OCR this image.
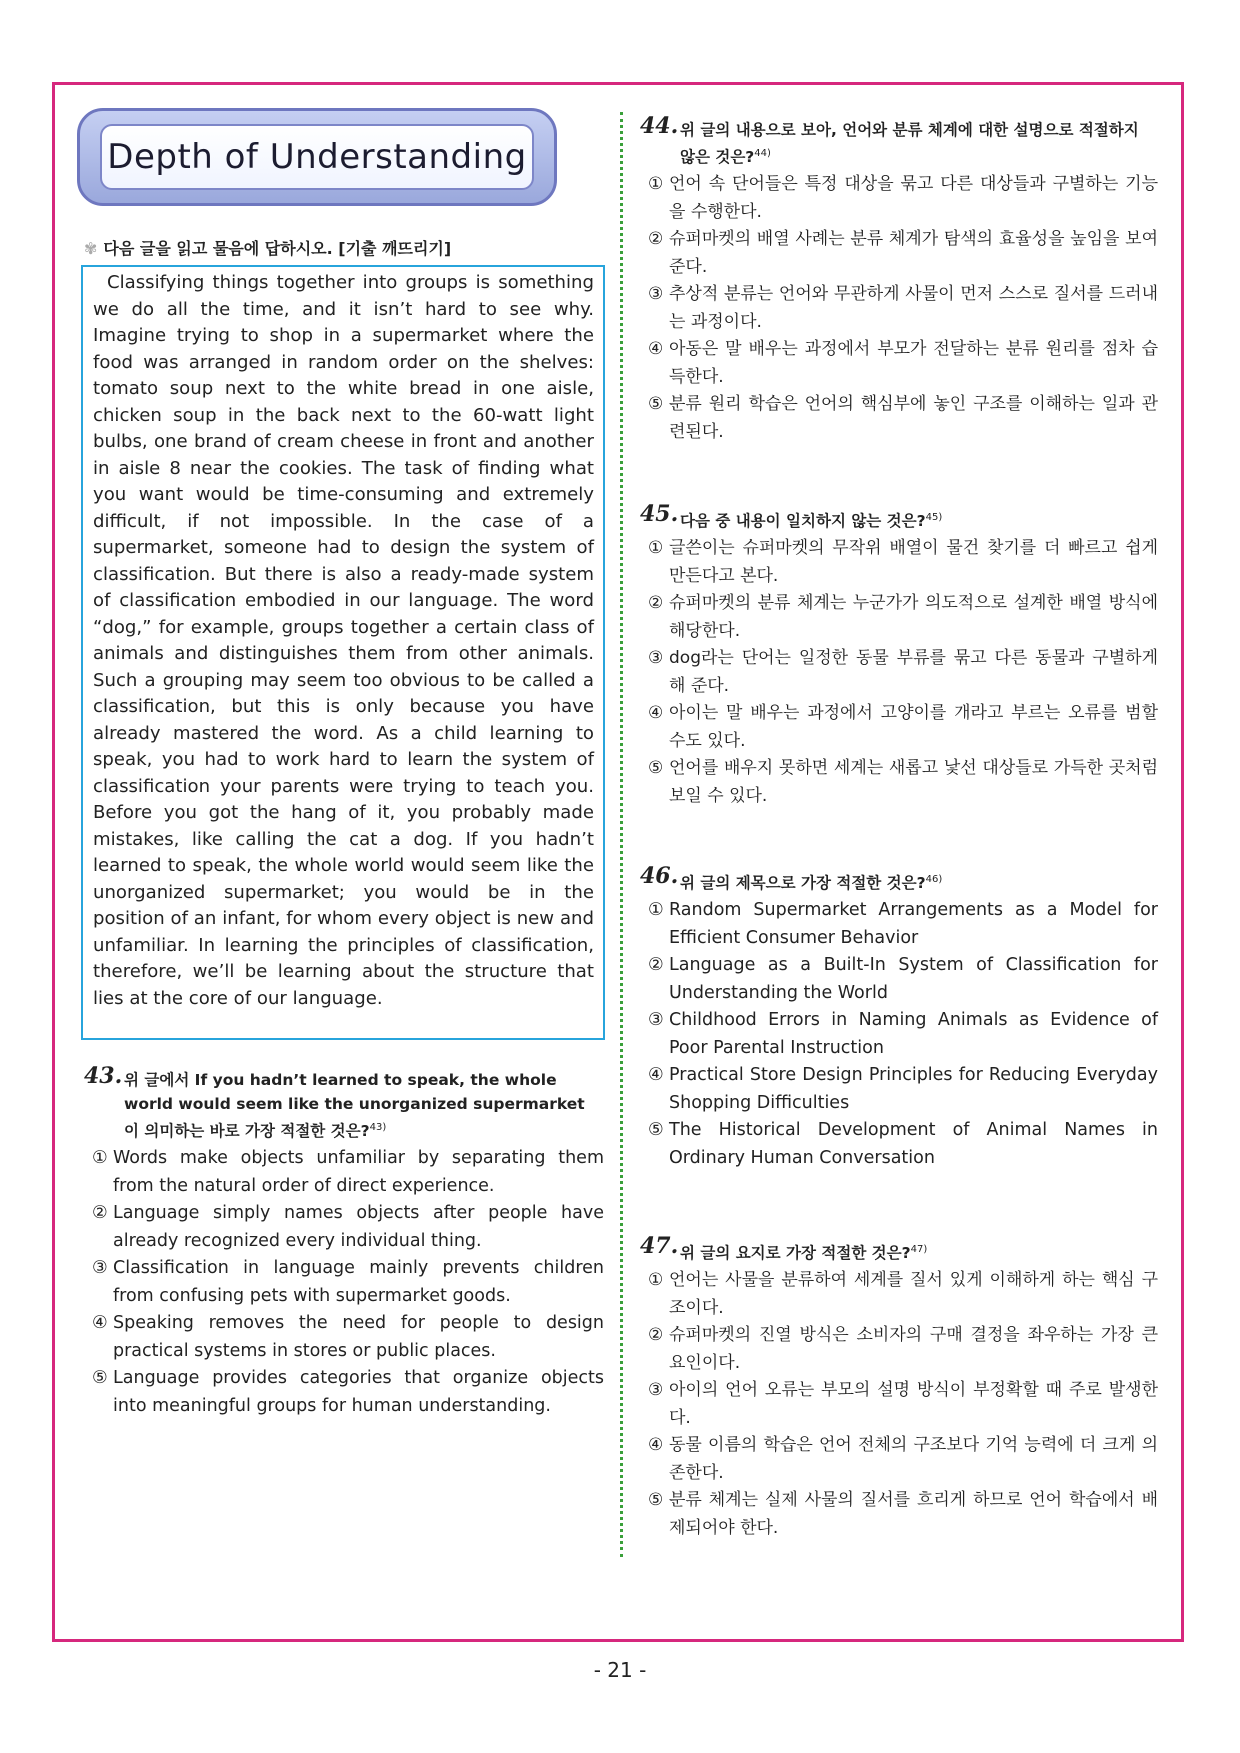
Depth of Understanding
✾ 다음 글을 읽고 물음에 답하시오. [기출 깨뜨리기]
Classifying things together into groups is something we do all the time, and it isn’t hard to see why. Imagine trying to shop in a supermarket where the food was arranged in random order on the shelves: tomato soup next to the white bread in one aisle, chicken soup in the back next to the 60-watt light bulbs, one brand of cream cheese in front and another in aisle 8 near the cookies. The task of finding what you want would be time-consuming and extremely difficult, if not impossible. In the case of a supermarket, someone had to design the system of classification. But there is also a ready-made system of classification embodied in our language. The word “dog,” for example, groups together a certain class of animals and distinguishes them from other animals. Such a grouping may seem too obvious to be called a classification, but this is only because you have already mastered the word. As a child learning to speak, you had to work hard to learn the system of classification your parents were trying to teach you. Before you got the hang of it, you probably made mistakes, like calling the cat a dog. If you hadn’t learned to speak, the whole world would seem like the unorganized supermarket; you would be in the position of an infant, for whom every object is new and unfamiliar. In learning the principles of classification, therefore, we’ll be learning about the structure that lies at the core of our language.
43. 위 글에서 If you hadn’t learned to speak, the whole world would seem like the unorganized supermarket 이 의미하는 바로 가장 적절한 것은?$^{43)}$
① Words make objects unfamiliar by separating them from the natural order of direct experience.
② Language simply names objects after people have already recognized every individual thing.
③ Classification in language mainly prevents children from confusing pets with supermarket goods.
④ Speaking removes the need for people to design practical systems in stores or public places.
⑤ Language provides categories that organize objects into meaningful groups for human understanding.
44. 위 글의 내용으로 보아, 언어와 분류 체계에 대한 설명으로 적절하지 않은 것은?$^{44)}$
① 언어 속 단어들은 특정 대상을 묶고 다른 대상들과 구별하는 기능을 수행한다.
② 슈퍼마켓의 배열 사례는 분류 체계가 탐색의 효율성을 높임을 보여준다.
③ 추상적 분류는 언어와 무관하게 사물이 먼저 스스로 질서를 드러내는 과정이다.
④ 아동은 말 배우는 과정에서 부모가 전달하는 분류 원리를 점차 습득한다.
⑤ 분류 원리 학습은 언어의 핵심부에 놓인 구조를 이해하는 일과 관련된다.
45. 다음 중 내용이 일치하지 않는 것은?$^{45)}$
① 글쓴이는 슈퍼마켓의 무작위 배열이 물건 찾기를 더 빠르고 쉽게 만든다고 본다.
② 슈퍼마켓의 분류 체계는 누군가가 의도적으로 설계한 배열 방식에 해당한다.
③ dog라는 단어는 일정한 동물 부류를 묶고 다른 동물과 구별하게 해 준다.
④ 아이는 말 배우는 과정에서 고양이를 개라고 부르는 오류를 범할 수도 있다.
⑤ 언어를 배우지 못하면 세계는 새롭고 낯선 대상들로 가득한 곳처럼 보일 수 있다.
46. 위 글의 제목으로 가장 적절한 것은?$^{46)}$
① Random Supermarket Arrangements as a Model for Efficient Consumer Behavior
② Language as a Built-In System of Classification for Understanding the World
③ Childhood Errors in Naming Animals as Evidence of Poor Parental Instruction
④ Practical Store Design Principles for Reducing Everyday Shopping Difficulties
⑤ The Historical Development of Animal Names in Ordinary Human Conversation
47. 위 글의 요지로 가장 적절한 것은?$^{47)}$
① 언어는 사물을 분류하여 세계를 질서 있게 이해하게 하는 핵심 구조이다.
② 슈퍼마켓의 진열 방식은 소비자의 구매 결정을 좌우하는 가장 큰 요인이다.
③ 아이의 언어 오류는 부모의 설명 방식이 부정확할 때 주로 발생한다.
④ 동물 이름의 학습은 언어 전체의 구조보다 기억 능력에 더 크게 의존한다.
⑤ 분류 체계는 실제 사물의 질서를 흐리게 하므로 언어 학습에서 배제되어야 한다.
- 21 -
